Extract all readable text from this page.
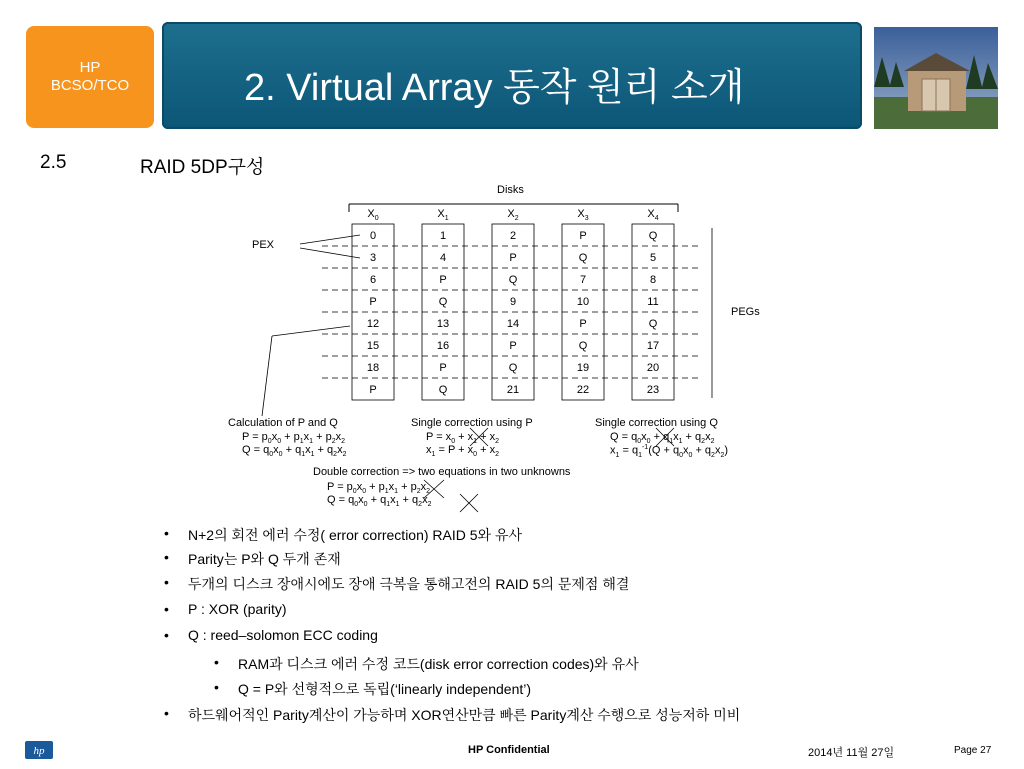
HP BCSO/TCO	2. Virtual Array 동작 원리 소개
2.5	RAID 5DP구성
Disks
PEX
PEGs
$X_0$	$X_1$	$X_2$	$X_3$	$X_4$
0	1	2	P	Q
3	4	P	Q	5
6	P	Q	7	8
P	Q	9	10	11
12	13	14	P	Q
15	16	P	Q	17
18	P	Q	19	20
P	Q	21	22	23
Calculation of P and Q
$P = p_0x_0 + p_1x_1 + p_2x_2$
$Q = q_0x_0 + q_1x_1 + q_2x_2$
Single correction using P
$P = x_0 + x_1 + x_2$
$x_1 = P + x_0 + x_2$
Single correction using Q
$Q = q_0x_0 + q_1x_1 + q_2x_2$
$x_1 = q_1^{-1}(Q + q_0x_0 + q_2x_2)$
Double correction => two equations in two unknowns
$P = p_0x_0 + p_1x_1 + p_2x_2$
$Q = q_0x_0 + q_1x_1 + q_2x_2$
• N+2의 회전 에러 수정( error correction) RAID 5와 유사
• Parity는 P와 Q 두개 존재
• 두개의 디스크 장애시에도 장애 극복을 통해고전의 RAID 5의 문제점 해결
• P : XOR (parity)
• Q : reed–solomon ECC coding
• RAM과 디스크 에러 수정 코드(disk error correction codes)와 유사
• Q = P와 선형적으로 독립(‘linearly independent’)
• 하드웨어적인 Parity계산이 가능하며 XOR연산만큼 빠른 Parity계산 수행으로 성능저하 미비
hp	HP Confidential	2014년 11월 27일	Page 27
